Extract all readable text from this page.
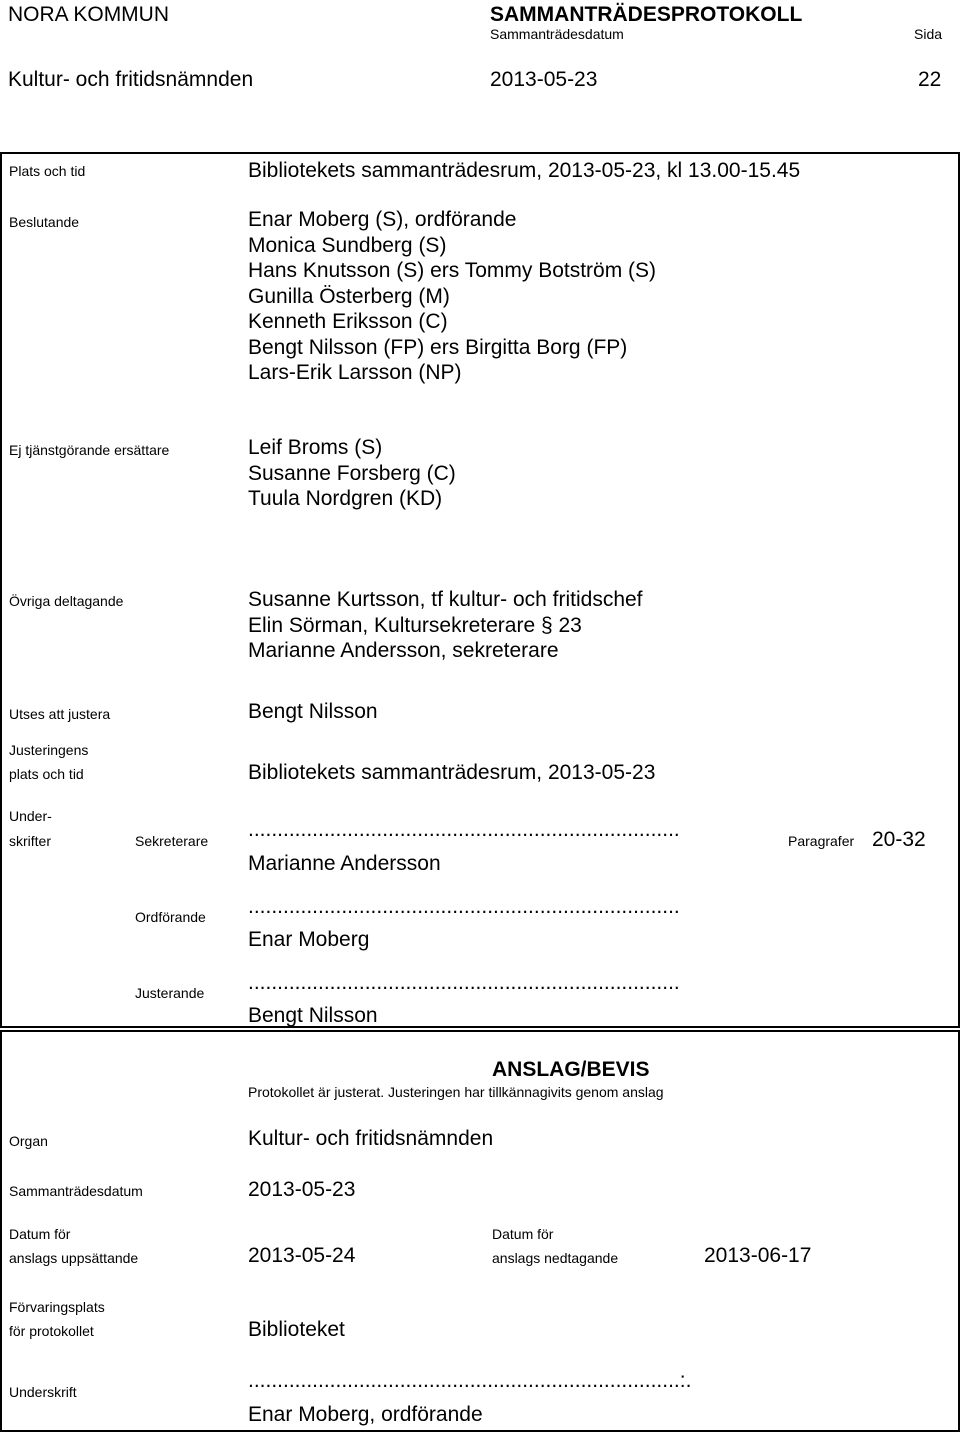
NORA KOMMUN	SAMMANTRÄDESPROTOKOLL
Sammanträdesdatum	Sida
Kultur- och fritidsnämnden	2013-05-23	22
Plats och tid	Bibliotekets sammanträdesrum, 2013-05-23, kl 13.00-15.45
Beslutande	Enar Moberg (S), ordförande
Monica Sundberg (S)
Hans Knutsson (S) ers Tommy Botström (S)
Gunilla Österberg (M)
Kenneth Eriksson (C)
Bengt Nilsson (FP) ers Birgitta Borg (FP)
Lars-Erik Larsson (NP)
Ej tjänstgörande ersättare	Leif Broms (S)
Susanne Forsberg (C)
Tuula Nordgren (KD)
Övriga deltagande	Susanne Kurtsson, tf kultur- och fritidschef
Elin Sörman, Kultursekreterare § 23
Marianne Andersson, sekreterare
Utses att justera	Bengt Nilsson
Justeringens
plats och tid	Bibliotekets sammanträdesrum, 2013-05-23
Under-
skrifter	Sekreterare ..........................................................................
Marianne Andersson
Paragrafer 20-32
Ordförande ..........................................................................
Enar Moberg
Justerande ..........................................................................
Bengt Nilsson
ANSLAG/BEVIS
Protokollet är justerat. Justeringen har tillkännagivits genom anslag
Organ	Kultur- och fritidsnämnden
Sammanträdesdatum	2013-05-23
Datum för
anslags uppsättande	2013-05-24
Datum för
anslags nedtagande	2013-06-17
Förvaringsplats
för protokollet	Biblioteket
Underskrift	..........................................................................:.
Enar Moberg, ordförande
